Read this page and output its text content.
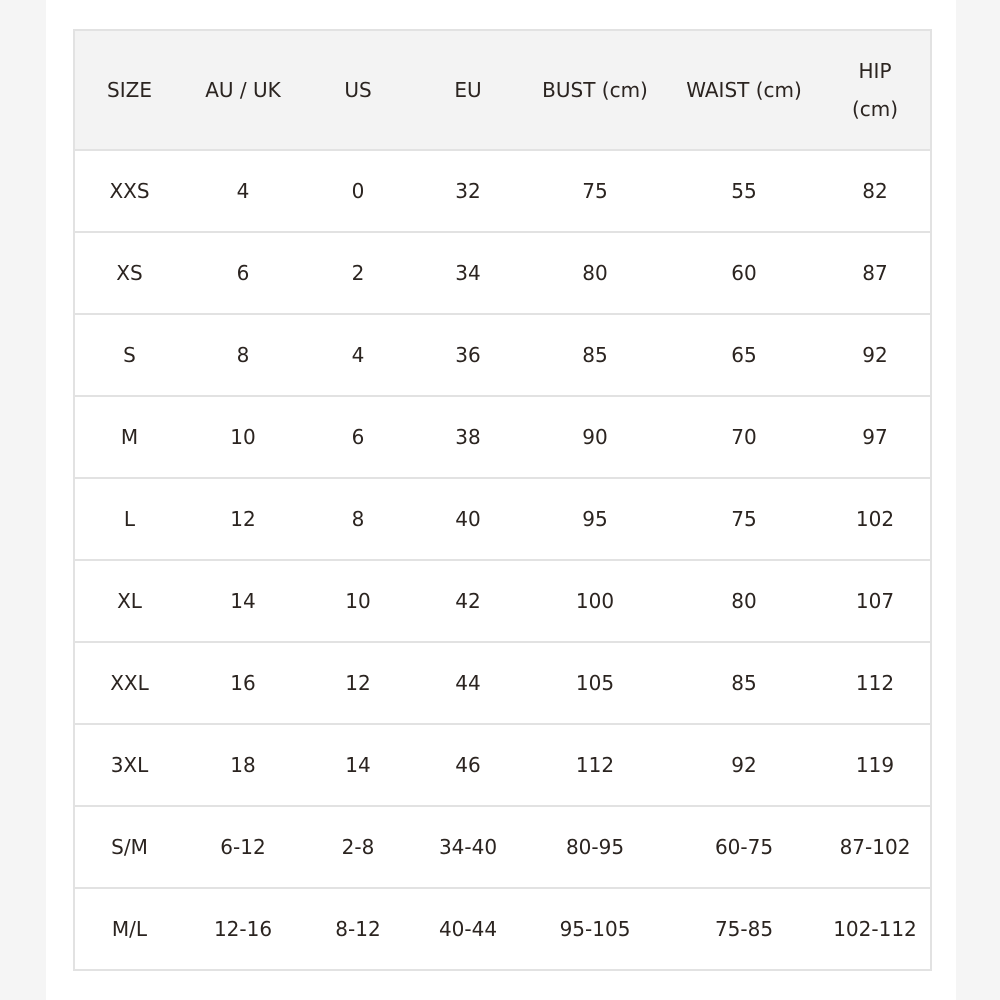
SIZE	AU / UK	US	EU	BUST (cm)	WAIST (cm)	HIP (cm)
XXS	4	0	32	75	55	82
XS	6	2	34	80	60	87
S	8	4	36	85	65	92
M	10	6	38	90	70	97
L	12	8	40	95	75	102
XL	14	10	42	100	80	107
XXL	16	12	44	105	85	112
3XL	18	14	46	112	92	119
S/M	6-12	2-8	34-40	80-95	60-75	87-102
M/L	12-16	8-12	40-44	95-105	75-85	102-112
